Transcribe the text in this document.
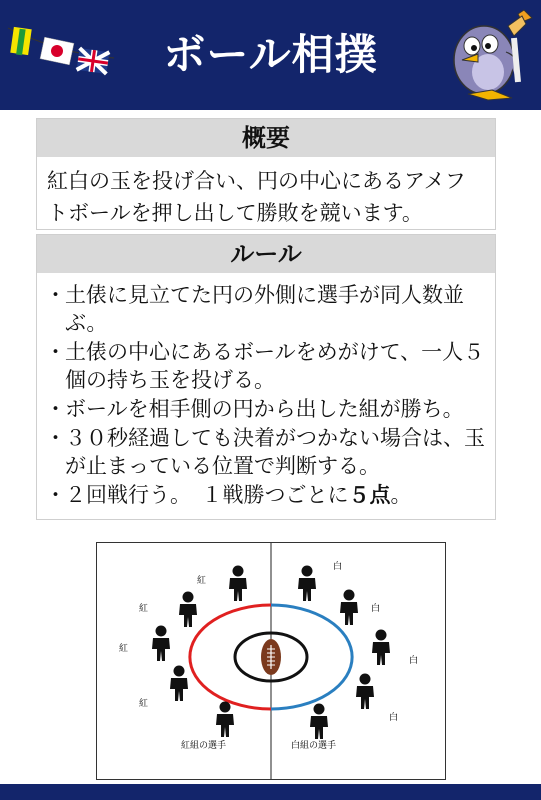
ボール相撲
概要
紅白の玉を投げ合い、円の中心にあるアメフトボールを押し出して勝敗を競います。
ルール
・ 土俵に見立てた円の外側に選手が同人数並ぶ。
・ 土俵の中心にあるボールをめがけて、一人５個の持ち玉を投げる。
・ ボールを相手側の円から出した組が勝ち。
・ ３０秒経過しても決着がつかない場合は、玉が止まっている位置で判断する。
・ ２回戦行う。　１戦勝つごとに５点。
紅
紅
紅
紅
白
白
白
白
紅組の選手	白組の選手
